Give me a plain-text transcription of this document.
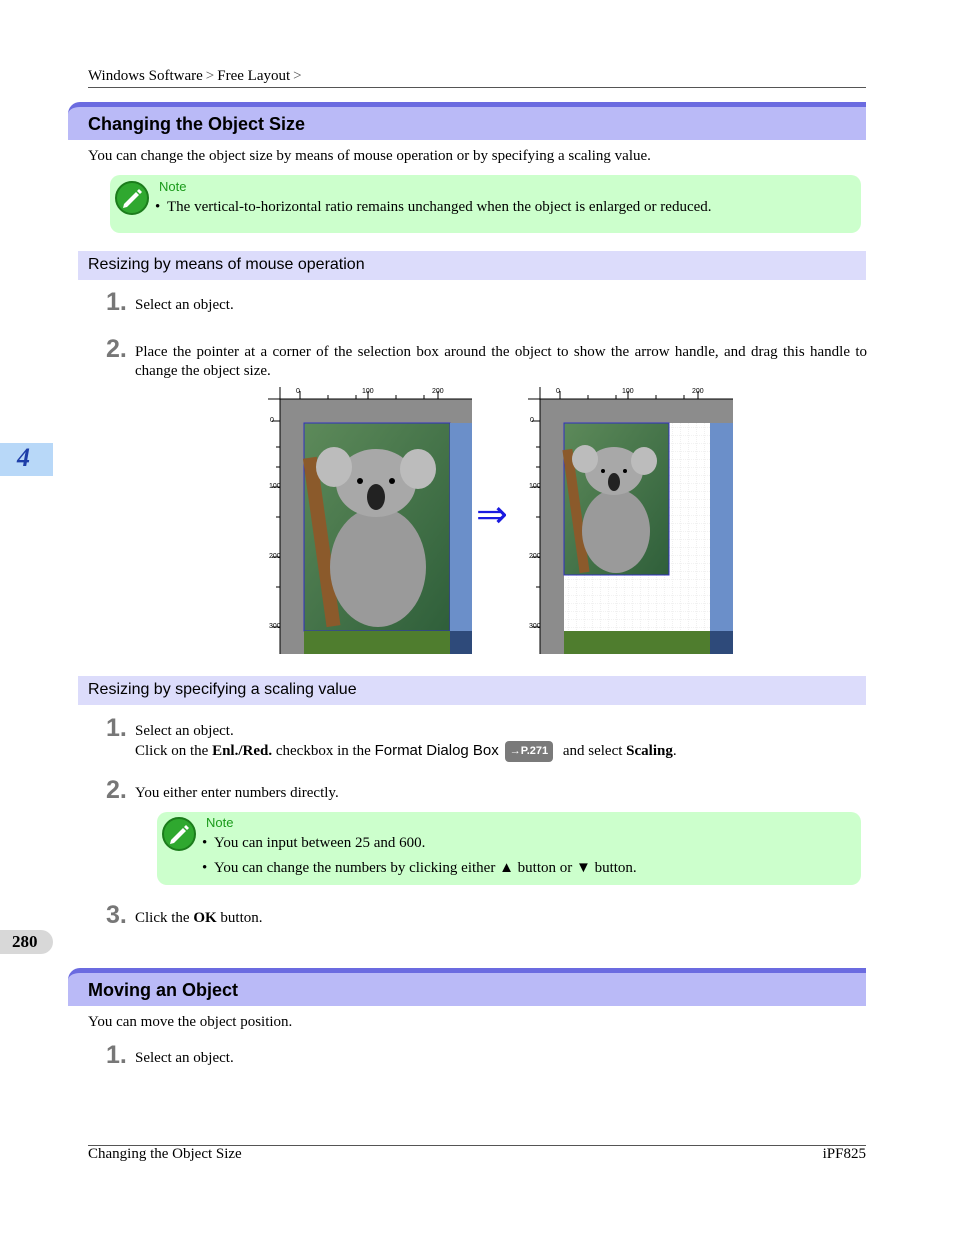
Windows Software > Free Layout >
Changing the Object Size
You can change the object size by means of mouse operation or by specifying a scaling value.
Note
• The vertical-to-horizontal ratio remains unchanged when the object is enlarged or reduced.
Resizing by means of mouse operation
1. Select an object.
2. Place the pointer at a corner of the selection box around the object to show the arrow handle, and drag this handle to change the object size.
0	100	200
0
100
200
300
⇒
0	100	200
0
100
200
300
Resizing by specifying a scaling value
1. Select an object.
Click on the Enl./Red. checkbox in the Format Dialog Box →P.271 and select Scaling.
2. You either enter numbers directly.
Note
• You can input between 25 and 600.
• You can change the numbers by clicking either ▲ button or ▼ button.
3. Click the OK button.
Moving an Object
You can move the object position.
1. Select an object.
4
280
Changing the Object Size	iPF825
